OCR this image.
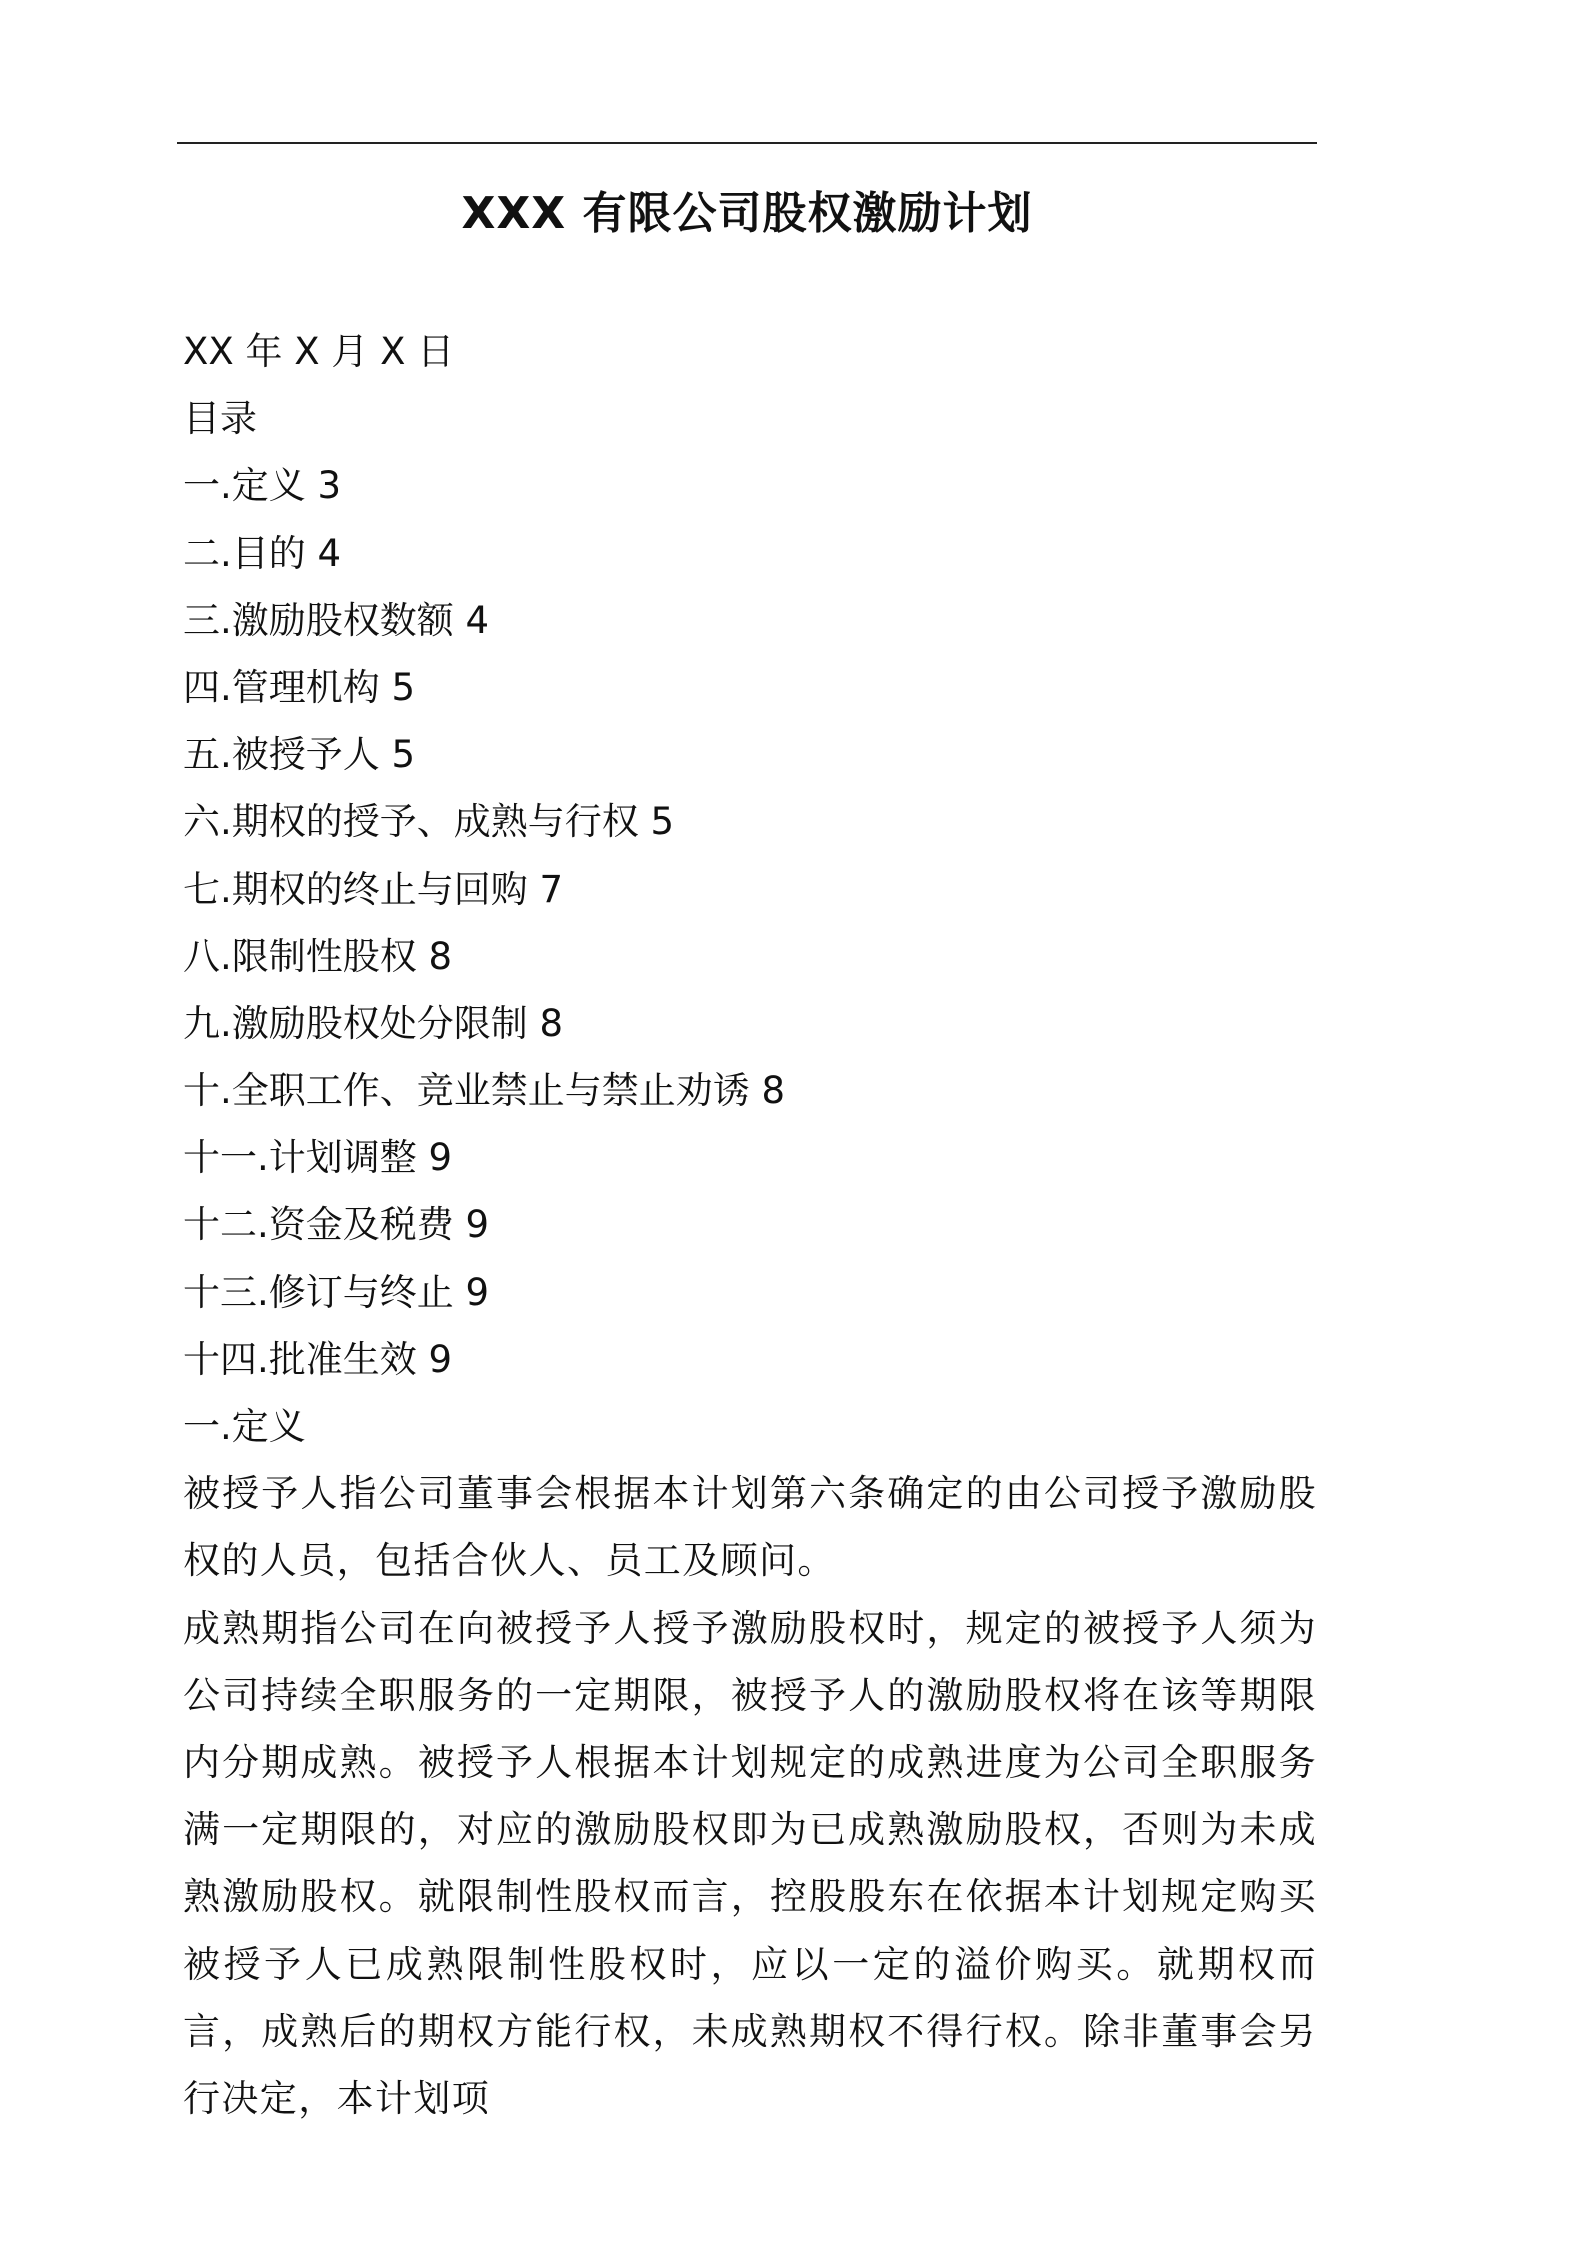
XXX 有限公司股权激励计划
XX 年 X 月 X 日
目录
一.定义 3
二.目的 4
三.激励股权数额 4
四.管理机构 5
五.被授予人 5
六.期权的授予、成熟与行权 5
七.期权的终止与回购 7
八.限制性股权 8
九.激励股权处分限制 8
十.全职工作、竞业禁止与禁止劝诱 8
十一.计划调整 9
十二.资金及税费 9
十三.修订与终止 9
十四.批准生效 9
一.定义

被授予人指公司董事会根据本计划第六条确定的由公司授予激励股权的人员，包括合伙人、员工及顾问。

成熟期指公司在向被授予人授予激励股权时，规定的被授予人须为公司持续全职服务的一定期限，被授予人的激励股权将在该等期限内分期成熟。被授予人根据本计划规定的成熟进度为公司全职服务满一定期限的，对应的激励股权即为已成熟激励股权，否则为未成熟激励股权。就限制性股权而言，控股股东在依据本计划规定购买被授予人已成熟限制性股权时，应以一定的溢价购买。就期权而言，成熟后的期权方能行权，未成熟期权不得行权。除非董事会另行决定，本计划项
